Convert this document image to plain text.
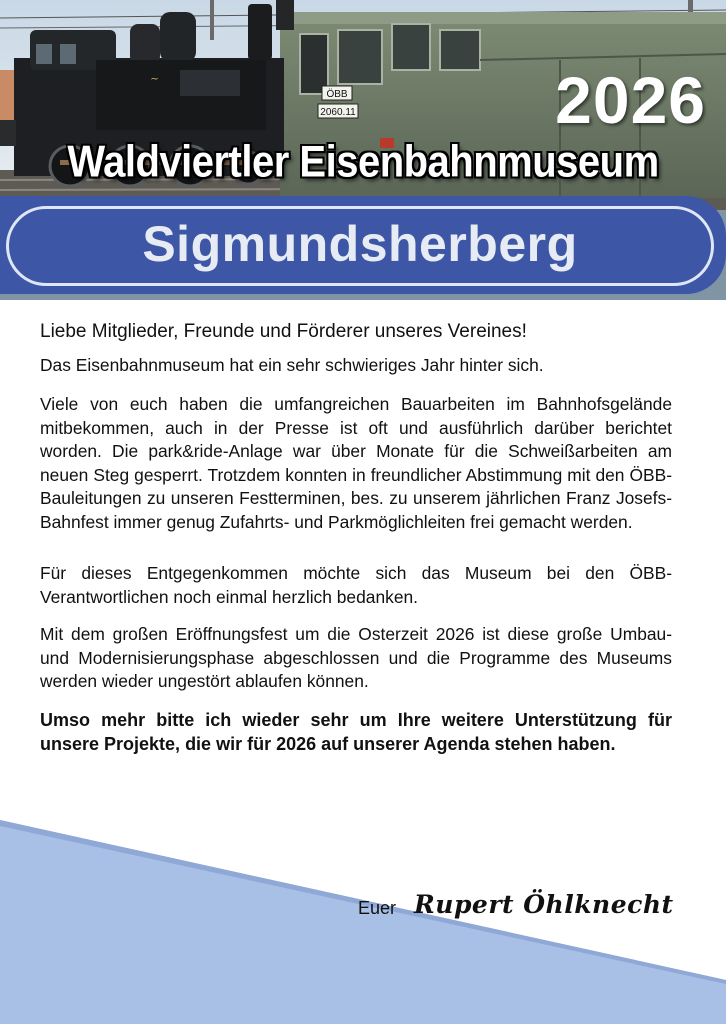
ÖBB
2060.11
~	2026
Waldviertler Eisenbahnmuseum
Sigmundsherberg

Liebe Mitglieder, Freunde und Förderer unseres Vereines!

Das Eisenbahnmuseum hat ein sehr schwieriges Jahr hinter sich.

Viele von euch haben die umfangreichen Bauarbeiten im Bahnhofsgelände mitbekommen, auch in der Presse ist oft und ausführlich darüber berichtet worden. Die park&ride-Anlage war über Monate für die Schweißarbeiten am neuen Steg gesperrt. Trotzdem konnten in freundlicher Abstimmung mit den ÖBB-Bauleitungen zu unseren Festterminen, bes. zu unserem jährlichen Franz Josefs-Bahnfest immer genug Zufahrts- und Parkmöglichleiten frei gemacht werden.

Für dieses Entgegenkommen möchte sich das Museum bei den ÖBB-Verantwortlichen noch einmal herzlich bedanken.

Mit dem großen Eröffnungsfest um die Osterzeit 2026 ist diese große Umbau- und Modernisierungsphase abgeschlossen und die Programme des Museums werden wieder ungestört ablaufen können.

Umso mehr bitte ich wieder sehr um Ihre weitere Unterstützung für unsere Projekte, die wir für 2026 auf unserer Agenda stehen haben.

Euer Rupert Öhlknecht
